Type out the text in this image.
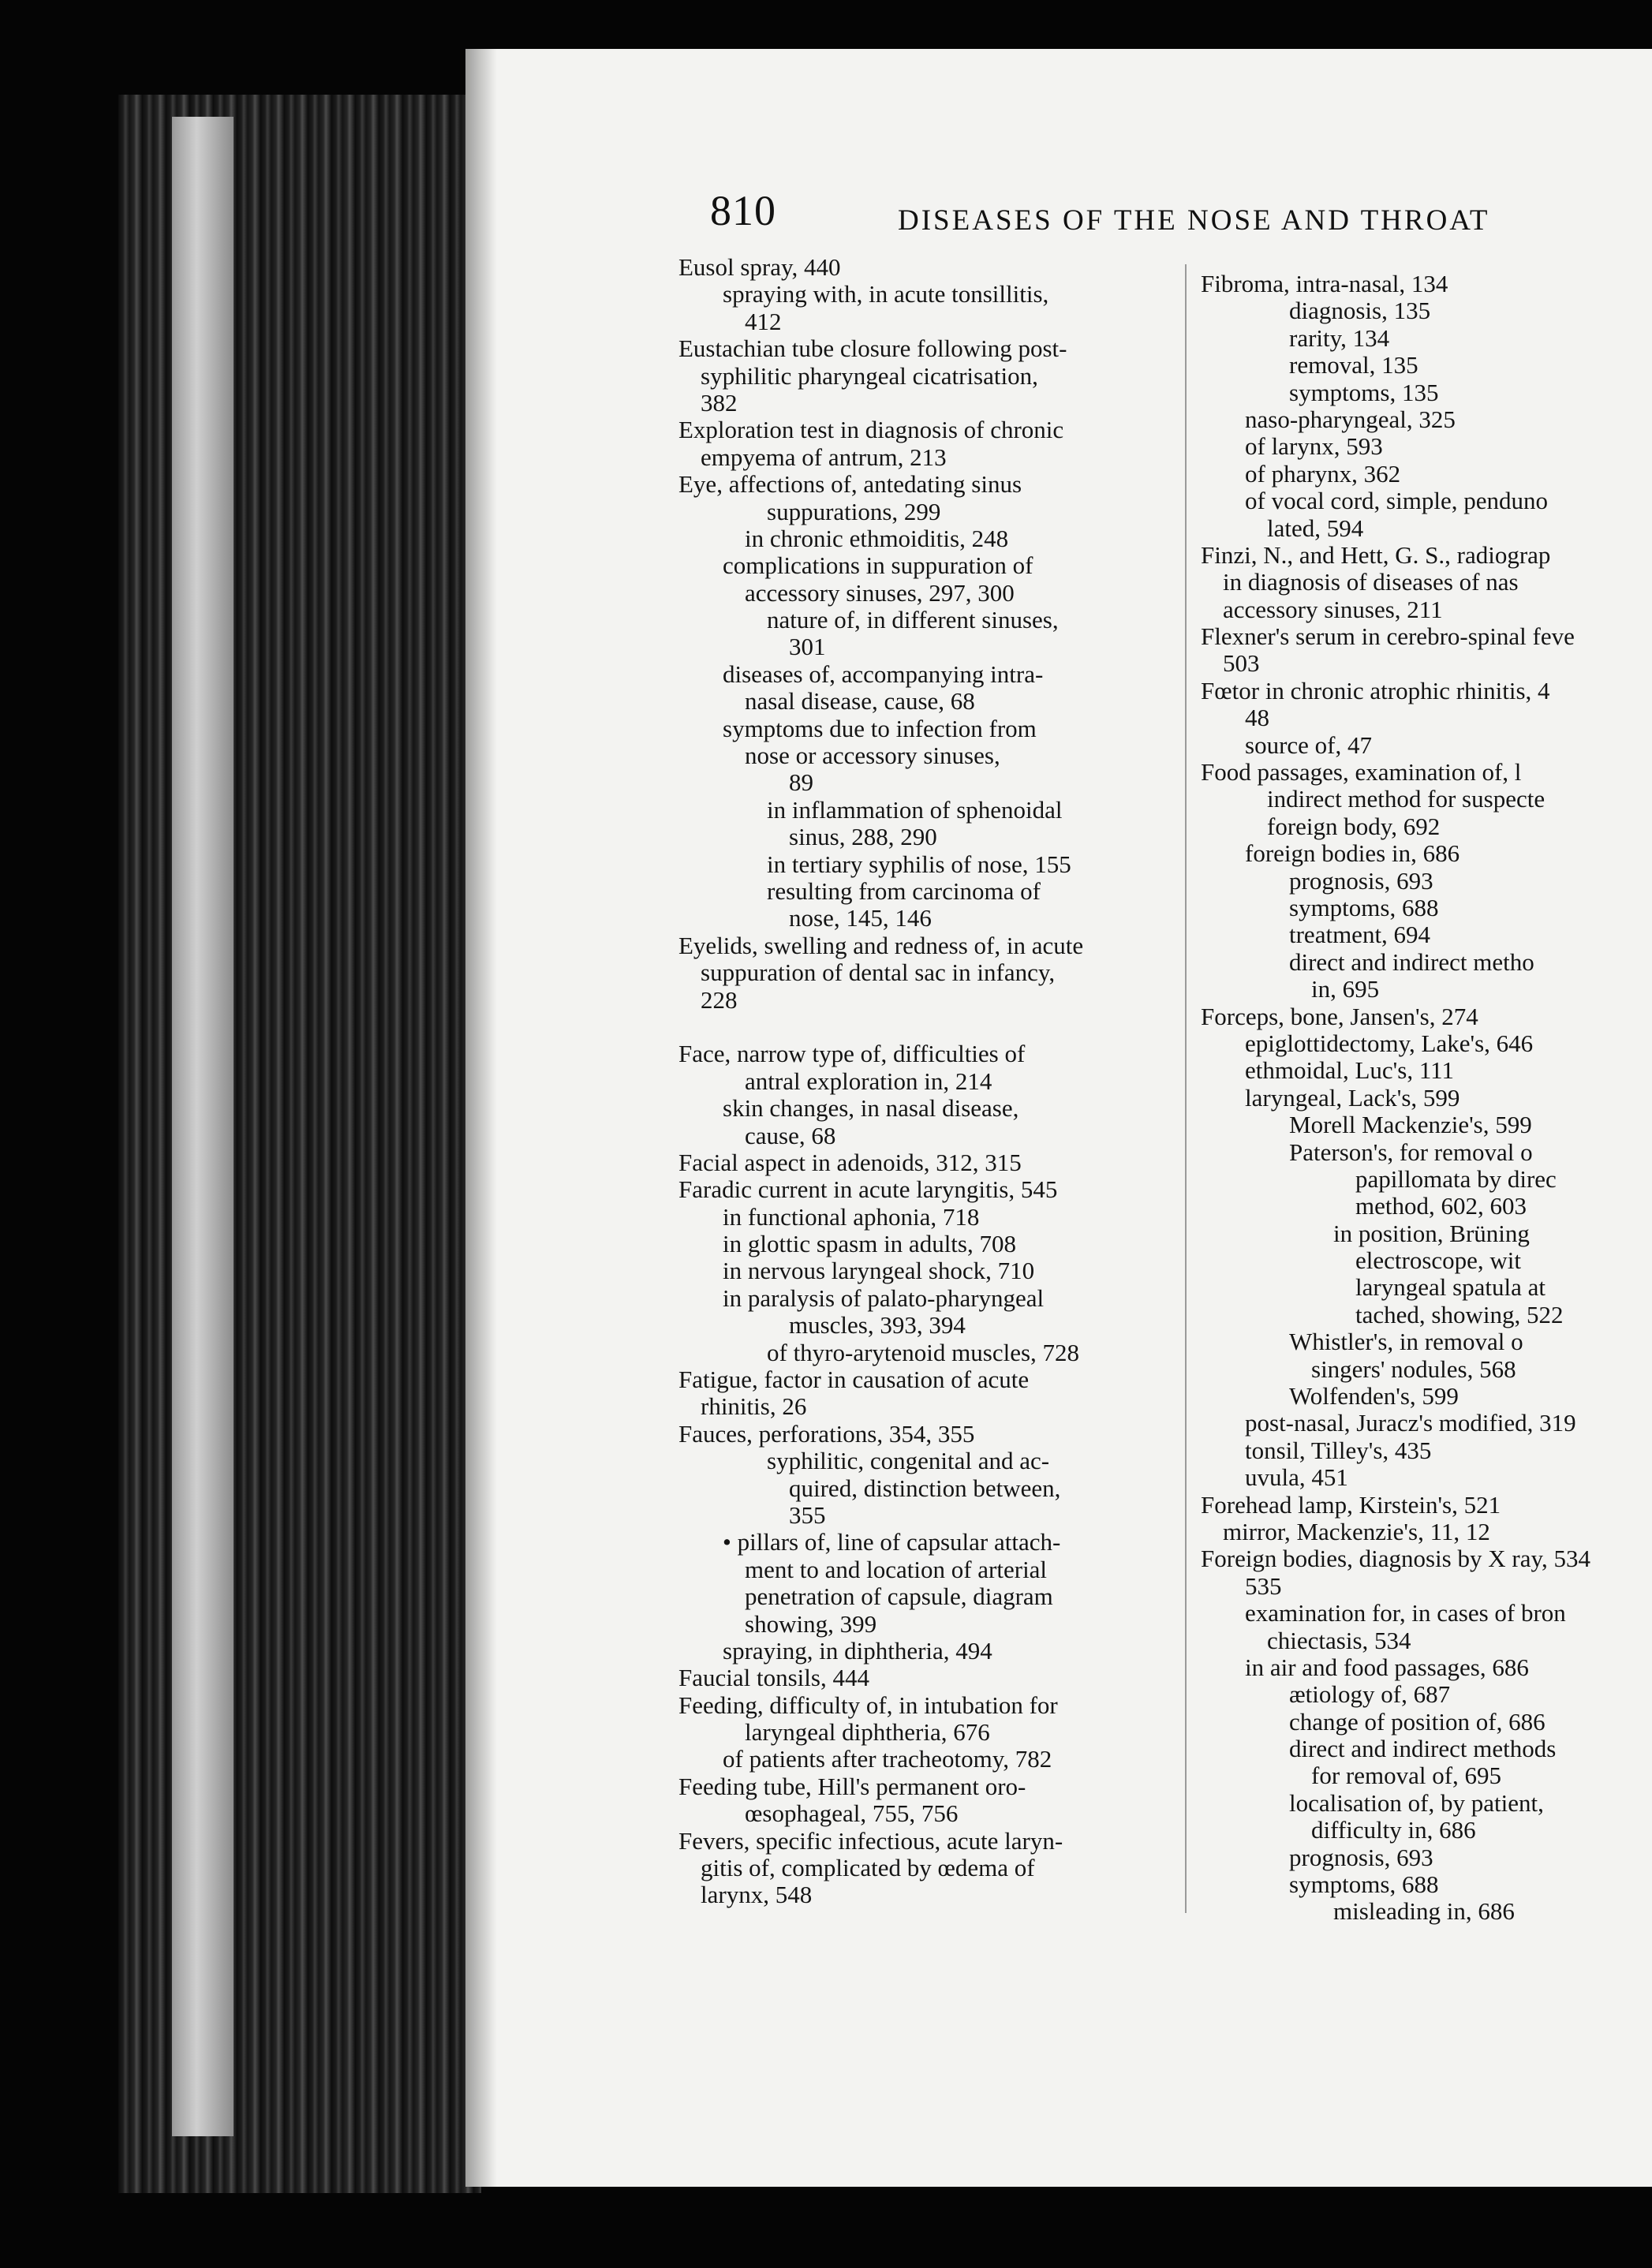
810	DISEASES OF THE NOSE AND THROAT
Eusol spray, 440
spraying with, in acute tonsillitis,
412
Eustachian tube closure following post-
syphilitic pharyngeal cicatrisation,
382
Exploration test in diagnosis of chronic
empyema of antrum, 213
Eye, affections of, antedating sinus
suppurations, 299
in chronic ethmoiditis, 248
complications in suppuration of
accessory sinuses, 297, 300
nature of, in different sinuses,
301
diseases of, accompanying intra-
nasal disease, cause, 68
symptoms due to infection from
nose or accessory sinuses,
89
in inflammation of sphenoidal
sinus, 288, 290
in tertiary syphilis of nose, 155
resulting from carcinoma of
nose, 145, 146
Eyelids, swelling and redness of, in acute
suppuration of dental sac in infancy,
228
Face, narrow type of, difficulties of
antral exploration in, 214
skin changes, in nasal disease,
cause, 68
Facial aspect in adenoids, 312, 315
Faradic current in acute laryngitis, 545
in functional aphonia, 718
in glottic spasm in adults, 708
in nervous laryngeal shock, 710
in paralysis of palato-pharyngeal
muscles, 393, 394
of thyro-arytenoid muscles, 728
Fatigue, factor in causation of acute
rhinitis, 26
Fauces, perforations, 354, 355
syphilitic, congenital and ac-
quired, distinction between,
355
• pillars of, line of capsular attach-
ment to and location of arterial
penetration of capsule, diagram
showing, 399
spraying, in diphtheria, 494
Faucial tonsils, 444
Feeding, difficulty of, in intubation for
laryngeal diphtheria, 676
of patients after tracheotomy, 782
Feeding tube, Hill's permanent oro-
œsophageal, 755, 756
Fevers, specific infectious, acute laryn-
gitis of, complicated by œdema of
larynx, 548
Fibroma, intra-nasal, 134
diagnosis, 135
rarity, 134
removal, 135
symptoms, 135
naso-pharyngeal, 325
of larynx, 593
of pharynx, 362
of vocal cord, simple, penduno
lated, 594
Finzi, N., and Hett, G. S., radiograp
in diagnosis of diseases of nas
accessory sinuses, 211
Flexner's serum in cerebro-spinal feve
503
Fœtor in chronic atrophic rhinitis, 4
48
source of, 47
Food passages, examination of, l
indirect method for suspecte
foreign body, 692
foreign bodies in, 686
prognosis, 693
symptoms, 688
treatment, 694
direct and indirect metho
in, 695
Forceps, bone, Jansen's, 274
epiglottidectomy, Lake's, 646
ethmoidal, Luc's, 111
laryngeal, Lack's, 599
Morell Mackenzie's, 599
Paterson's, for removal o
papillomata by direc
method, 602, 603
in position, Brüning
electroscope, wit
laryngeal spatula at
tached, showing, 522
Whistler's, in removal o
singers' nodules, 568
Wolfenden's, 599
post-nasal, Juracz's modified, 319
tonsil, Tilley's, 435
uvula, 451
Forehead lamp, Kirstein's, 521
mirror, Mackenzie's, 11, 12
Foreign bodies, diagnosis by X ray, 534
535
examination for, in cases of bron
chiectasis, 534
in air and food passages, 686
ætiology of, 687
change of position of, 686
direct and indirect methods
for removal of, 695
localisation of, by patient,
difficulty in, 686
prognosis, 693
symptoms, 688
misleading in, 686
